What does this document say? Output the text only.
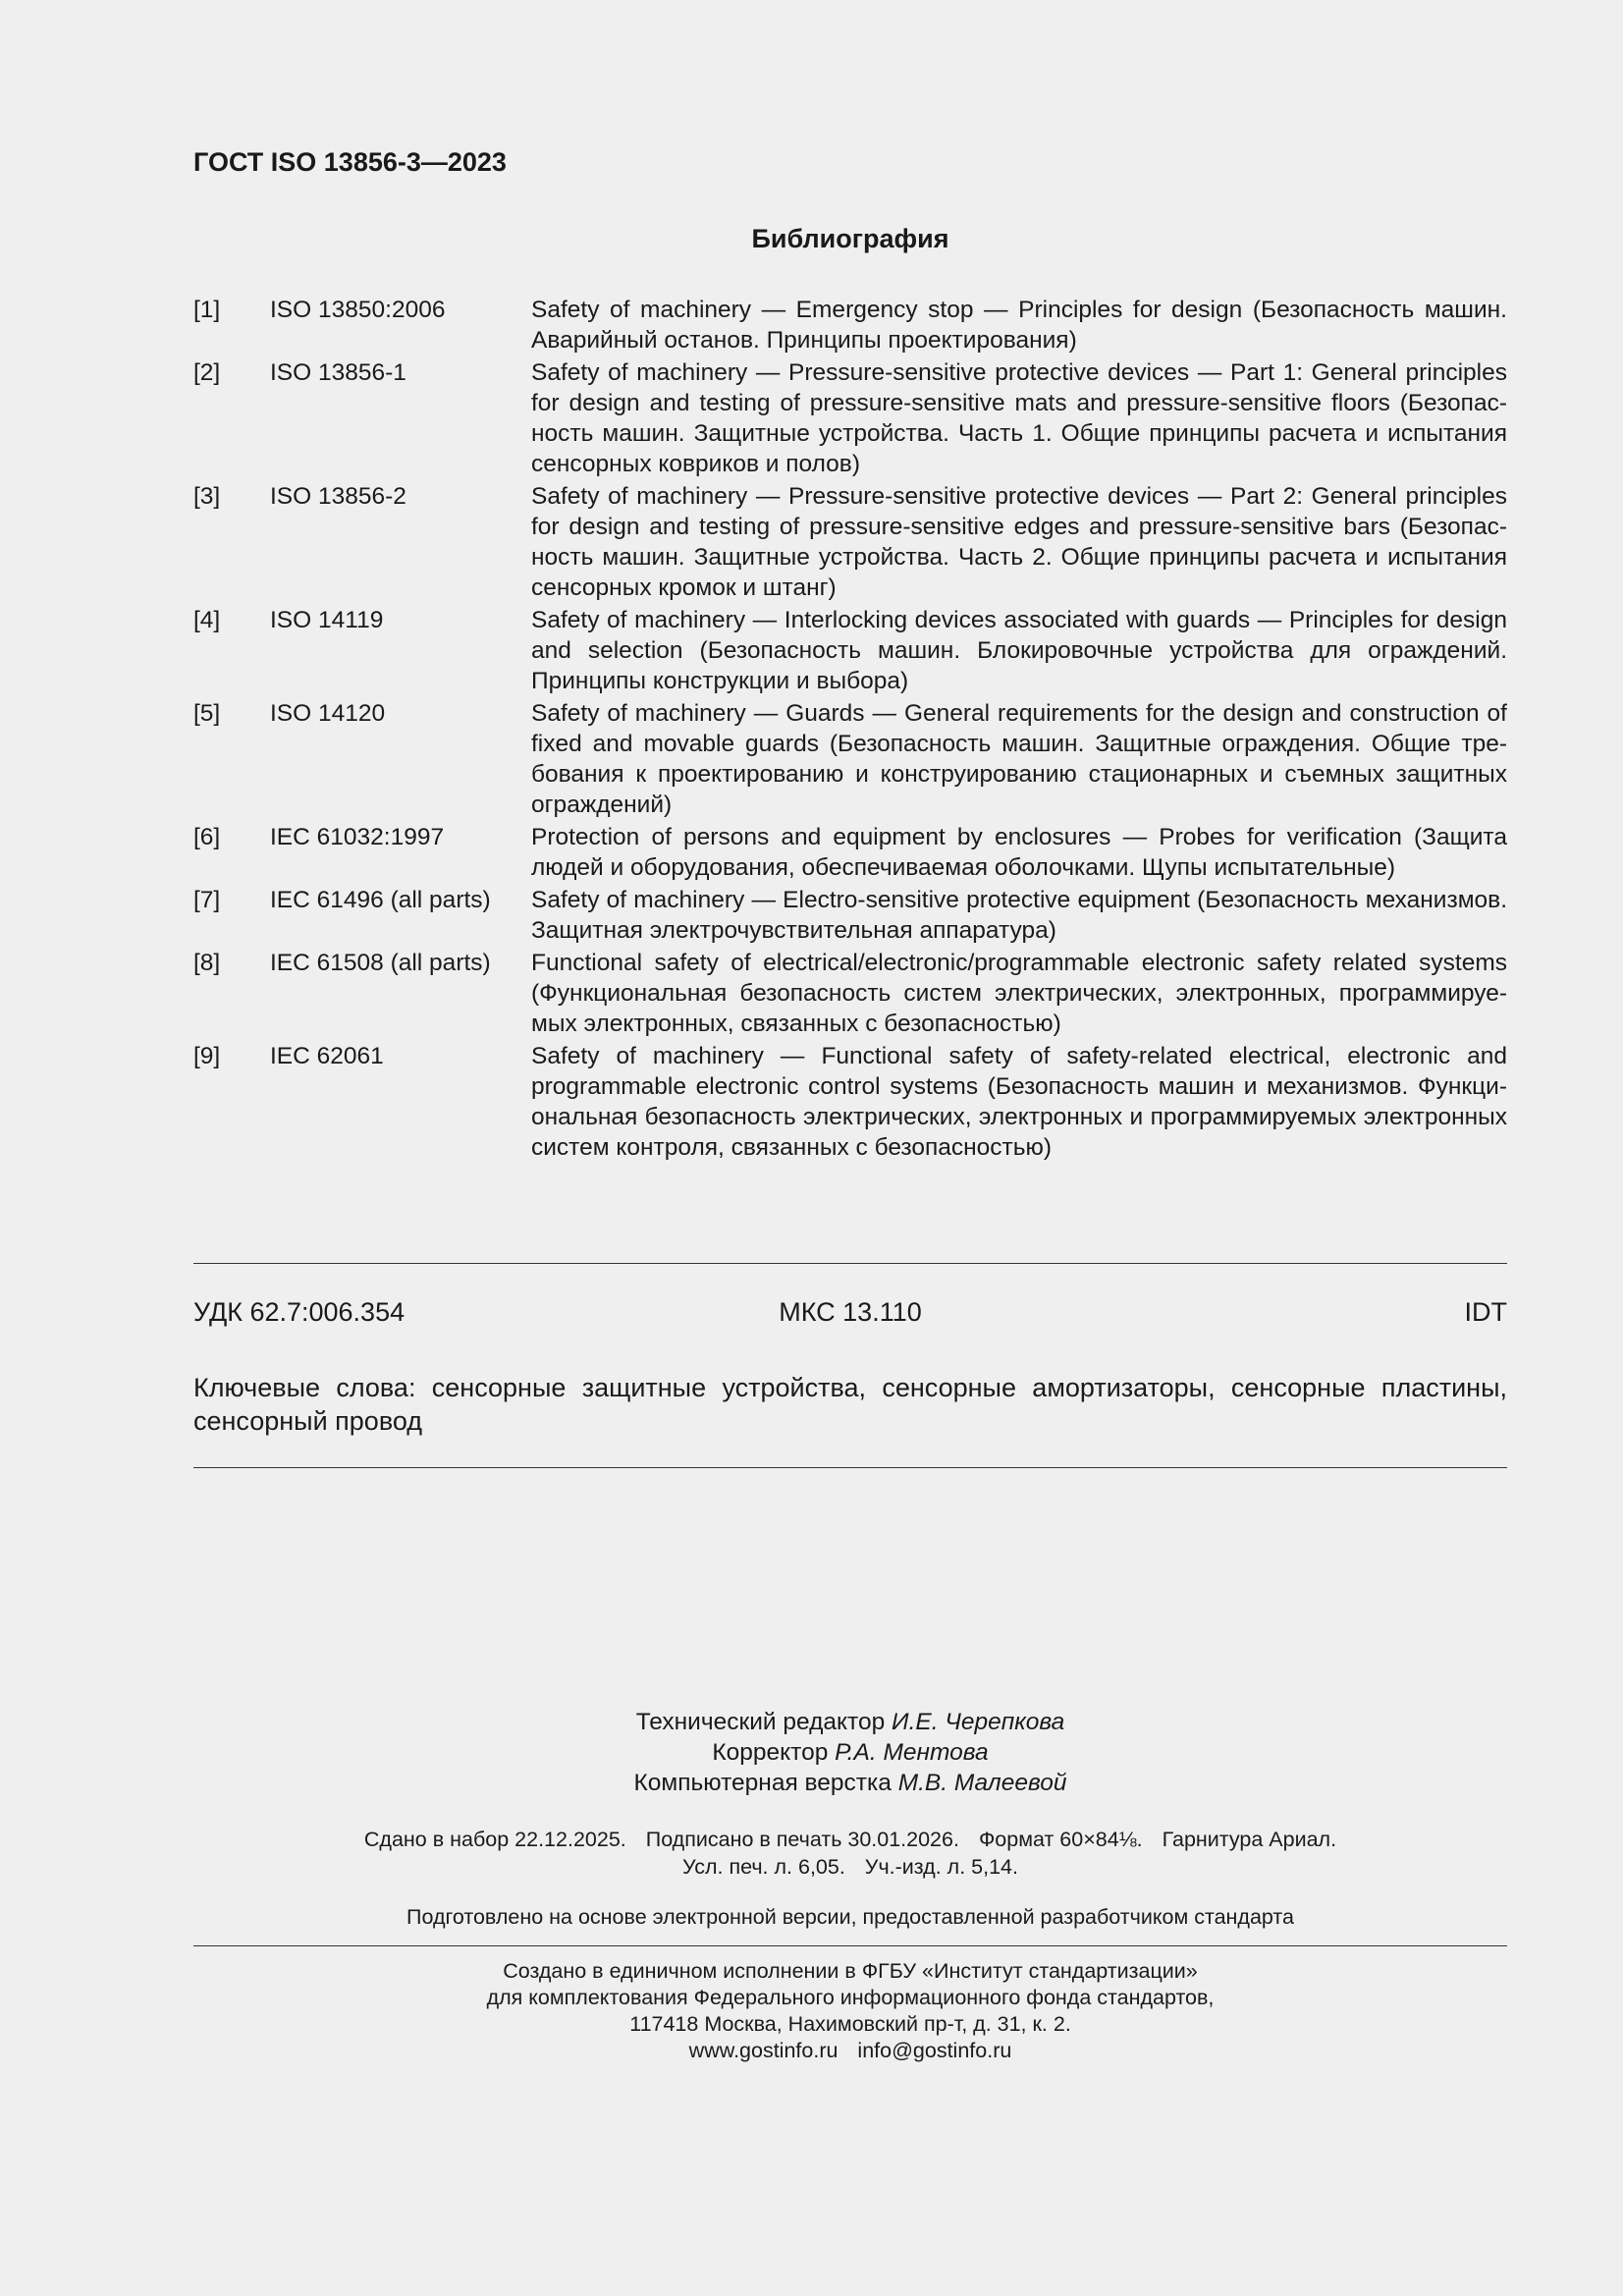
ГОСТ ISO 13856-3—2023
Библиография
[1]	ISO 13850:2006	Safety of machinery — Emergency stop — Principles for design (Безопасность машин. Аварийный останов. Принципы проектирования)
[2]	ISO 13856-1	Safety of machinery — Pressure-sensitive protective devices — Part 1: General principles for design and testing of pressure-sensitive mats and pressure-sensitive floors (Безопасность машин. Защитные устройства. Часть 1. Общие принципы расчета и испытания сенсорных ковриков и полов)
[3]	ISO 13856-2	Safety of machinery — Pressure-sensitive protective devices — Part 2: General principles for design and testing of pressure-sensitive edges and pressure-sensitive bars (Безопасность машин. Защитные устройства. Часть 2. Общие принципы расчета и испытания сенсорных кромок и штанг)
[4]	ISO 14119	Safety of machinery — Interlocking devices associated with guards — Principles for design and selection (Безопасность машин. Блокировочные устройства для ограждений. Принципы конструкции и выбора)
[5]	ISO 14120	Safety of machinery — Guards — General requirements for the design and construction of fixed and movable guards (Безопасность машин. Защитные ограждения. Общие требования к проектированию и конструированию стационарных и съемных защитных ограждений)
[6]	IEC 61032:1997	Protection of persons and equipment by enclosures — Probes for verification (Защита людей и оборудования, обеспечиваемая оболочками. Щупы испытательные)
[7]	IEC 61496 (all parts)	Safety of machinery — Electro-sensitive protective equipment (Безопасность механизмов. Защитная электрочувствительная аппаратура)
[8]	IEC 61508 (all parts)	Functional safety of electrical/electronic/programmable electronic safety related systems (Функциональная безопасность систем электрических, электронных, программируемых электронных, связанных с безопасностью)
[9]	IEC 62061	Safety of machinery — Functional safety of safety-related electrical, electronic and programmable electronic control systems (Безопасность машин и механизмов. Функциональная безопасность электрических, электронных и программируемых электронных систем контроля, связанных с безопасностью)
УДК 62.7:006.354	МКС 13.110	IDT
Ключевые слова: сенсорные защитные устройства, сенсорные амортизаторы, сенсорные пластины, сенсорный провод
Технический редактор И.Е. Черепкова
Корректор Р.А. Ментова
Компьютерная верстка М.В. Малеевой
Сдано в набор 22.12.2025. Подписано в печать 30.01.2026. Формат 60×84⅛. Гарнитура Ариал.
Усл. печ. л. 6,05. Уч.-изд. л. 5,14.
Подготовлено на основе электронной версии, предоставленной разработчиком стандарта
Создано в единичном исполнении в ФГБУ «Институт стандартизации»
для комплектования Федерального информационного фонда стандартов,
117418 Москва, Нахимовский пр-т, д. 31, к. 2.
www.gostinfo.ru info@gostinfo.ru
